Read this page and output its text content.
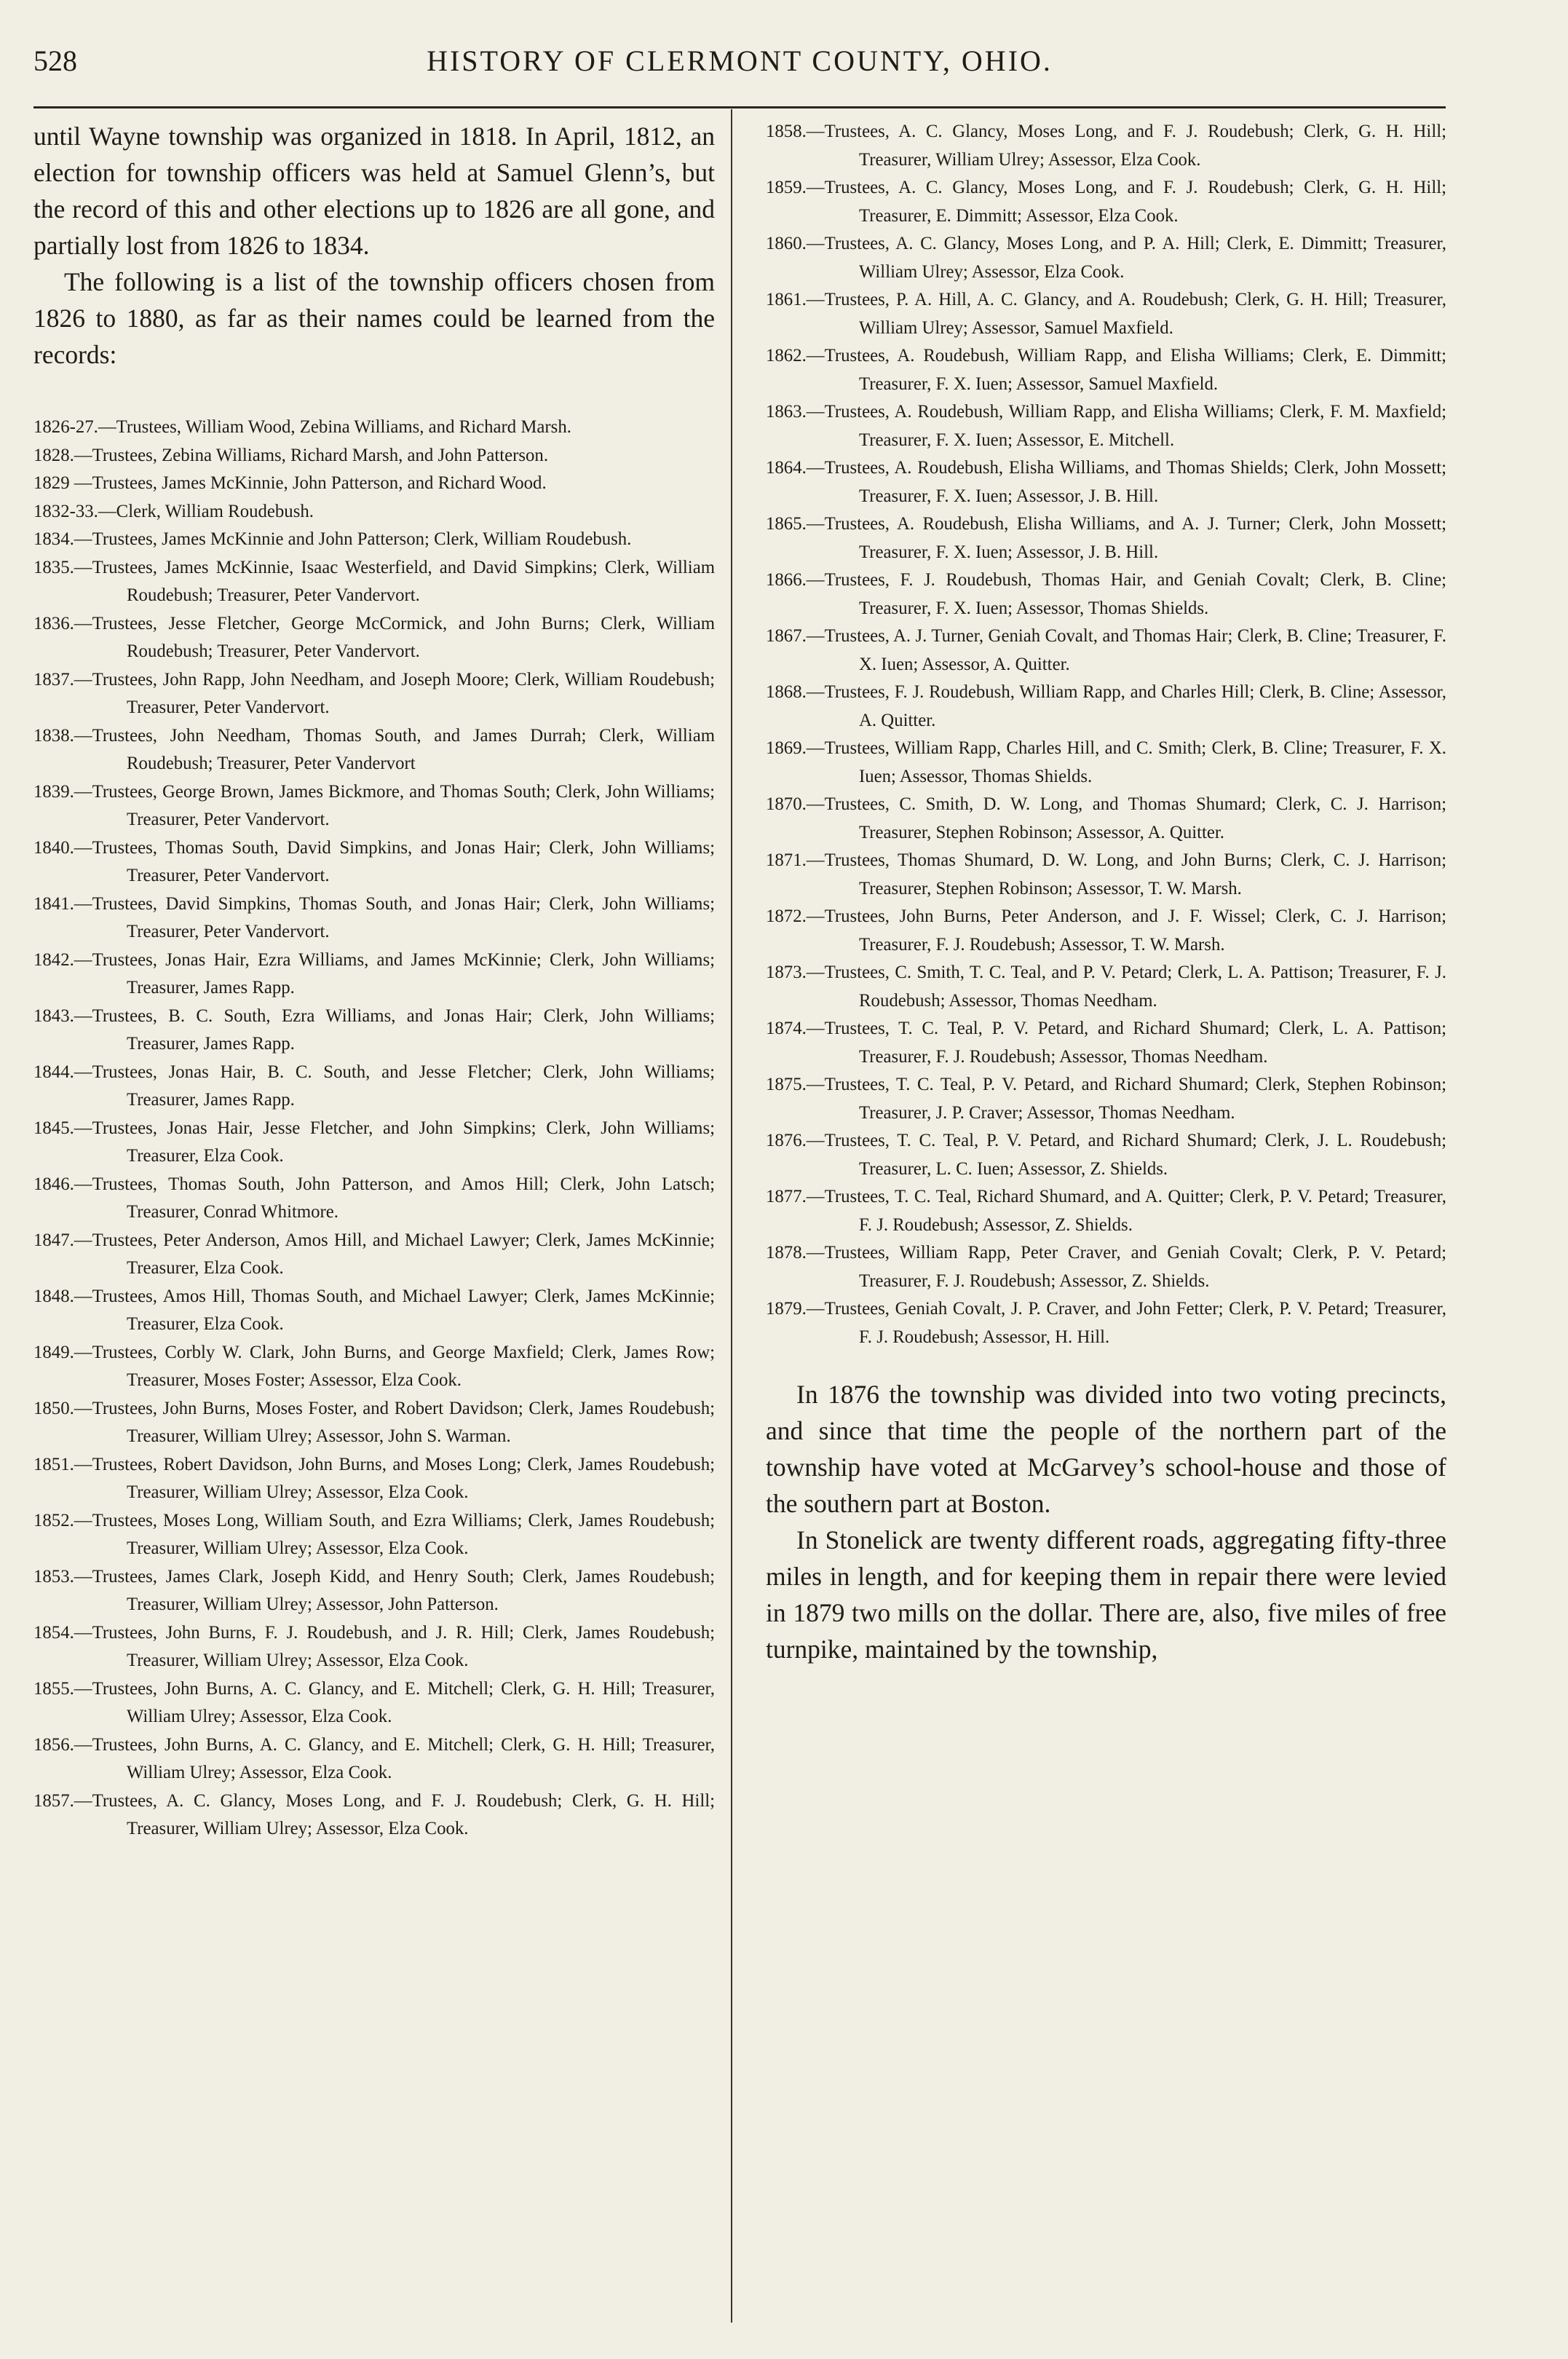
528	HISTORY OF CLERMONT COUNTY, OHIO.

until Wayne township was organized in 1818. In April, 1812, an election for township officers was held at Samuel Glenn’s, but the record of this and other elections up to 1826 are all gone, and partially lost from 1826 to 1834.

The following is a list of the township officers chosen from 1826 to 1880, as far as their names could be learned from the records:

1826-27.—Trustees, William Wood, Zebina Williams, and Richard Marsh.

1828.—Trustees, Zebina Williams, Richard Marsh, and John Patterson.

1829 —Trustees, James McKinnie, John Patterson, and Richard Wood.

1832-33.—Clerk, William Roudebush.

1834.—Trustees, James McKinnie and John Patterson; Clerk, William Roudebush.

1835.—Trustees, James McKinnie, Isaac Westerfield, and David Simpkins; Clerk, William Roudebush; Treasurer, Peter Vandervort.

1836.—Trustees, Jesse Fletcher, George McCormick, and John Burns; Clerk, William Roudebush; Treasurer, Peter Vandervort.

1837.—Trustees, John Rapp, John Needham, and Joseph Moore; Clerk, William Roudebush; Treasurer, Peter Vandervort.

1838.—Trustees, John Needham, Thomas South, and James Durrah; Clerk, William Roudebush; Treasurer, Peter Vandervort

1839.—Trustees, George Brown, James Bickmore, and Thomas South; Clerk, John Williams; Treasurer, Peter Vandervort.

1840.—Trustees, Thomas South, David Simpkins, and Jonas Hair; Clerk, John Williams; Treasurer, Peter Vandervort.

1841.—Trustees, David Simpkins, Thomas South, and Jonas Hair; Clerk, John Williams; Treasurer, Peter Vandervort.

1842.—Trustees, Jonas Hair, Ezra Williams, and James McKinnie; Clerk, John Williams; Treasurer, James Rapp.

1843.—Trustees, B. C. South, Ezra Williams, and Jonas Hair; Clerk, John Williams; Treasurer, James Rapp.

1844.—Trustees, Jonas Hair, B. C. South, and Jesse Fletcher; Clerk, John Williams; Treasurer, James Rapp.

1845.—Trustees, Jonas Hair, Jesse Fletcher, and John Simpkins; Clerk, John Williams; Treasurer, Elza Cook.

1846.—Trustees, Thomas South, John Patterson, and Amos Hill; Clerk, John Latsch; Treasurer, Conrad Whitmore.

1847.—Trustees, Peter Anderson, Amos Hill, and Michael Lawyer; Clerk, James McKinnie; Treasurer, Elza Cook.

1848.—Trustees, Amos Hill, Thomas South, and Michael Lawyer; Clerk, James McKinnie; Treasurer, Elza Cook.

1849.—Trustees, Corbly W. Clark, John Burns, and George Maxfield; Clerk, James Row; Treasurer, Moses Foster; Assessor, Elza Cook.

1850.—Trustees, John Burns, Moses Foster, and Robert Davidson; Clerk, James Roudebush; Treasurer, William Ulrey; Assessor, John S. Warman.

1851.—Trustees, Robert Davidson, John Burns, and Moses Long; Clerk, James Roudebush; Treasurer, William Ulrey; Assessor, Elza Cook.

1852.—Trustees, Moses Long, William South, and Ezra Williams; Clerk, James Roudebush; Treasurer, William Ulrey; Assessor, Elza Cook.

1853.—Trustees, James Clark, Joseph Kidd, and Henry South; Clerk, James Roudebush; Treasurer, William Ulrey; Assessor, John Patterson.

1854.—Trustees, John Burns, F. J. Roudebush, and J. R. Hill; Clerk, James Roudebush; Treasurer, William Ulrey; Assessor, Elza Cook.

1855.—Trustees, John Burns, A. C. Glancy, and E. Mitchell; Clerk, G. H. Hill; Treasurer, William Ulrey; Assessor, Elza Cook.

1856.—Trustees, John Burns, A. C. Glancy, and E. Mitchell; Clerk, G. H. Hill; Treasurer, William Ulrey; Assessor, Elza Cook.

1857.—Trustees, A. C. Glancy, Moses Long, and F. J. Roudebush; Clerk, G. H. Hill; Treasurer, William Ulrey; Assessor, Elza Cook.

1858.—Trustees, A. C. Glancy, Moses Long, and F. J. Roudebush; Clerk, G. H. Hill; Treasurer, William Ulrey; Assessor, Elza Cook.

1859.—Trustees, A. C. Glancy, Moses Long, and F. J. Roudebush; Clerk, G. H. Hill; Treasurer, E. Dimmitt; Assessor, Elza Cook.

1860.—Trustees, A. C. Glancy, Moses Long, and P. A. Hill; Clerk, E. Dimmitt; Treasurer, William Ulrey; Assessor, Elza Cook.

1861.—Trustees, P. A. Hill, A. C. Glancy, and A. Roudebush; Clerk, G. H. Hill; Treasurer, William Ulrey; Assessor, Samuel Maxfield.

1862.—Trustees, A. Roudebush, William Rapp, and Elisha Williams; Clerk, E. Dimmitt; Treasurer, F. X. Iuen; Assessor, Samuel Maxfield.

1863.—Trustees, A. Roudebush, William Rapp, and Elisha Williams; Clerk, F. M. Maxfield; Treasurer, F. X. Iuen; Assessor, E. Mitchell.

1864.—Trustees, A. Roudebush, Elisha Williams, and Thomas Shields; Clerk, John Mossett; Treasurer, F. X. Iuen; Assessor, J. B. Hill.

1865.—Trustees, A. Roudebush, Elisha Williams, and A. J. Turner; Clerk, John Mossett; Treasurer, F. X. Iuen; Assessor, J. B. Hill.

1866.—Trustees, F. J. Roudebush, Thomas Hair, and Geniah Covalt; Clerk, B. Cline; Treasurer, F. X. Iuen; Assessor, Thomas Shields.

1867.—Trustees, A. J. Turner, Geniah Covalt, and Thomas Hair; Clerk, B. Cline; Treasurer, F. X. Iuen; Assessor, A. Quitter.

1868.—Trustees, F. J. Roudebush, William Rapp, and Charles Hill; Clerk, B. Cline; Assessor, A. Quitter.

1869.—Trustees, William Rapp, Charles Hill, and C. Smith; Clerk, B. Cline; Treasurer, F. X. Iuen; Assessor, Thomas Shields.

1870.—Trustees, C. Smith, D. W. Long, and Thomas Shumard; Clerk, C. J. Harrison; Treasurer, Stephen Robinson; Assessor, A. Quitter.

1871.—Trustees, Thomas Shumard, D. W. Long, and John Burns; Clerk, C. J. Harrison; Treasurer, Stephen Robinson; Assessor, T. W. Marsh.

1872.—Trustees, John Burns, Peter Anderson, and J. F. Wissel; Clerk, C. J. Harrison; Treasurer, F. J. Roudebush; Assessor, T. W. Marsh.

1873.—Trustees, C. Smith, T. C. Teal, and P. V. Petard; Clerk, L. A. Pattison; Treasurer, F. J. Roudebush; Assessor, Thomas Needham.

1874.—Trustees, T. C. Teal, P. V. Petard, and Richard Shumard; Clerk, L. A. Pattison; Treasurer, F. J. Roudebush; Assessor, Thomas Needham.

1875.—Trustees, T. C. Teal, P. V. Petard, and Richard Shumard; Clerk, Stephen Robinson; Treasurer, J. P. Craver; Assessor, Thomas Needham.

1876.—Trustees, T. C. Teal, P. V. Petard, and Richard Shumard; Clerk, J. L. Roudebush; Treasurer, L. C. Iuen; Assessor, Z. Shields.

1877.—Trustees, T. C. Teal, Richard Shumard, and A. Quitter; Clerk, P. V. Petard; Treasurer, F. J. Roudebush; Assessor, Z. Shields.

1878.—Trustees, William Rapp, Peter Craver, and Geniah Covalt; Clerk, P. V. Petard; Treasurer, F. J. Roudebush; Assessor, Z. Shields.

1879.—Trustees, Geniah Covalt, J. P. Craver, and John Fetter; Clerk, P. V. Petard; Treasurer, F. J. Roudebush; Assessor, H. Hill.

In 1876 the township was divided into two voting precincts, and since that time the people of the northern part of the township have voted at McGarvey’s school-house and those of the southern part at Boston.

In Stonelick are twenty different roads, aggregating fifty-three miles in length, and for keeping them in repair there were levied in 1879 two mills on the dollar. There are, also, five miles of free turnpike, maintained by the township,
